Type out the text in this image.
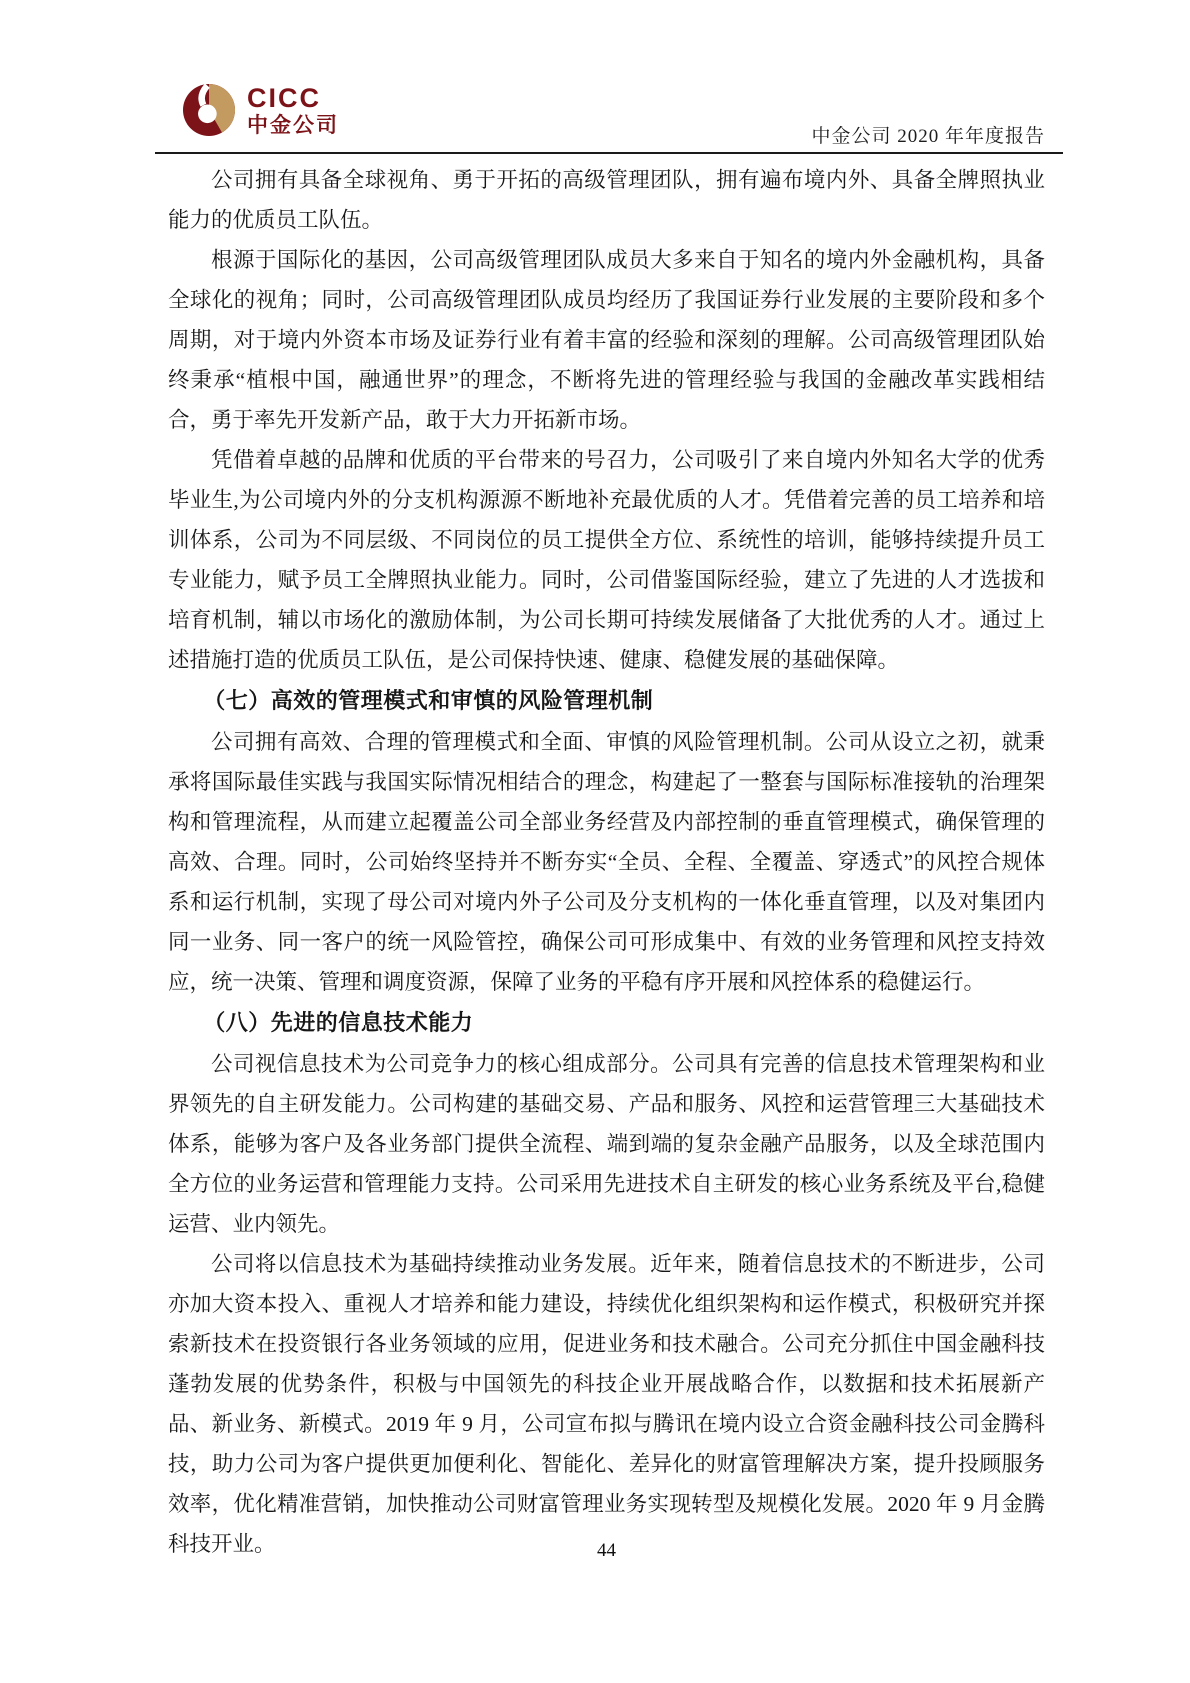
CICC
中金公司	中金公司 2020 年年度报告

公司拥有具备全球视角、勇于开拓的高级管理团队，拥有遍布境内外、具备全牌照执业能力的优质员工队伍。

根源于国际化的基因，公司高级管理团队成员大多来自于知名的境内外金融机构，具备全球化的视角；同时，公司高级管理团队成员均经历了我国证券行业发展的主要阶段和多个周期，对于境内外资本市场及证券行业有着丰富的经验和深刻的理解。公司高级管理团队始终秉承“植根中国，融通世界”的理念，不断将先进的管理经验与我国的金融改革实践相结合，勇于率先开发新产品，敢于大力开拓新市场。

凭借着卓越的品牌和优质的平台带来的号召力，公司吸引了来自境内外知名大学的优秀毕业生,为公司境内外的分支机构源源不断地补充最优质的人才。凭借着完善的员工培养和培训体系，公司为不同层级、不同岗位的员工提供全方位、系统性的培训，能够持续提升员工专业能力，赋予员工全牌照执业能力。同时，公司借鉴国际经验，建立了先进的人才选拔和培育机制，辅以市场化的激励体制，为公司长期可持续发展储备了大批优秀的人才。通过上述措施打造的优质员工队伍，是公司保持快速、健康、稳健发展的基础保障。

（七）高效的管理模式和审慎的风险管理机制

公司拥有高效、合理的管理模式和全面、审慎的风险管理机制。公司从设立之初，就秉承将国际最佳实践与我国实际情况相结合的理念，构建起了一整套与国际标准接轨的治理架构和管理流程，从而建立起覆盖公司全部业务经营及内部控制的垂直管理模式，确保管理的高效、合理。同时，公司始终坚持并不断夯实“全员、全程、全覆盖、穿透式”的风控合规体系和运行机制，实现了母公司对境内外子公司及分支机构的一体化垂直管理，以及对集团内同一业务、同一客户的统一风险管控，确保公司可形成集中、有效的业务管理和风控支持效应，统一决策、管理和调度资源，保障了业务的平稳有序开展和风控体系的稳健运行。

（八）先进的信息技术能力

公司视信息技术为公司竞争力的核心组成部分。公司具有完善的信息技术管理架构和业界领先的自主研发能力。公司构建的基础交易、产品和服务、风控和运营管理三大基础技术体系，能够为客户及各业务部门提供全流程、端到端的复杂金融产品服务，以及全球范围内全方位的业务运营和管理能力支持。公司采用先进技术自主研发的核心业务系统及平台,稳健运营、业内领先。

公司将以信息技术为基础持续推动业务发展。近年来，随着信息技术的不断进步，公司亦加大资本投入、重视人才培养和能力建设，持续优化组织架构和运作模式，积极研究并探索新技术在投资银行各业务领域的应用，促进业务和技术融合。公司充分抓住中国金融科技蓬勃发展的优势条件，积极与中国领先的科技企业开展战略合作，以数据和技术拓展新产品、新业务、新模式。2019 年 9 月，公司宣布拟与腾讯在境内设立合资金融科技公司金腾科技，助力公司为客户提供更加便利化、智能化、差异化的财富管理解决方案，提升投顾服务效率，优化精准营销，加快推动公司财富管理业务实现转型及规模化发展。2020 年 9 月金腾科技开业。	44
